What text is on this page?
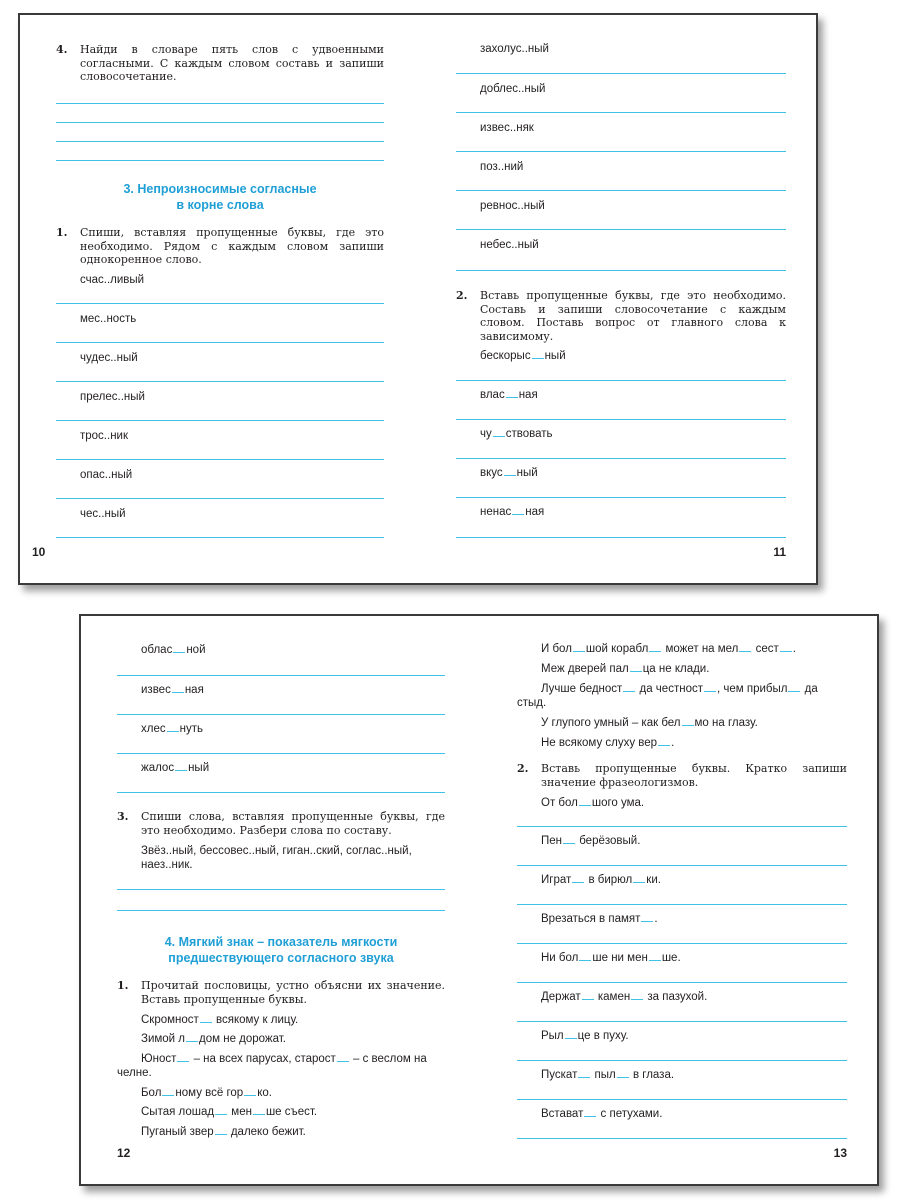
4. Найди в словаре пять слов с удвоенными согласными. С каждым словом составь и запиши словосочетание.
3. Непроизносимые согласные
в корне слова
1. Спиши, вставляя пропущенные буквы, где это необходимо. Рядом с каждым словом запиши однокоренное слово.
счас..ливый
мес..ность
чудес..ный
прелес..ный
трос..ник
опас..ный
чес..ный
10
захолус..ный
доблес..ный
извес..няк
поз..ний
ревнос..ный
небес..ный
2. Вставь пропущенные буквы, где это необходимо. Составь и запиши словосочетание с каждым словом. Поставь вопрос от главного слова к зависимому.
бескорыс ный
влас ная
чу ствовать
вкус ный
ненас ная
11
облас ной
извес ная
хлес нуть
жалос ный
3. Спиши слова, вставляя пропущенные буквы, где это необходимо. Разбери слова по составу.
Звёз..ный, бессовес..ный, гиган..ский, соглас..ный, наез..ник.
4. Мягкий знак – показатель мягкости
предшествующего согласного звука
1. Прочитай пословицы, устно объясни их значение. Вставь пропущенные буквы.
Скромност всякому к лицу.
Зимой л дом не дорожат.
Юност – на всех парусах, старост – с веслом на челне.
Бол ному всё гор ко.
Сытая лошад мен ше съест.
Пуганый звер далеко бежит.
12
И бол шой корабл может на мел сест .
Меж дверей пал ца не клади.
Лучше бедност да честност , чем прибыл да стыд.
У глупого умный – как бел мо на глазу.
Не всякому слуху вер .
2. Вставь пропущенные буквы. Кратко запиши значение фразеологизмов.
От бол шого ума.
Пен берёзовый.
Играт в бирюл ки.
Врезаться в памят .
Ни бол ше ни мен ше.
Держат камен за пазухой.
Рыл це в пуху.
Пускат пыл в глаза.
Встават с петухами.
13
